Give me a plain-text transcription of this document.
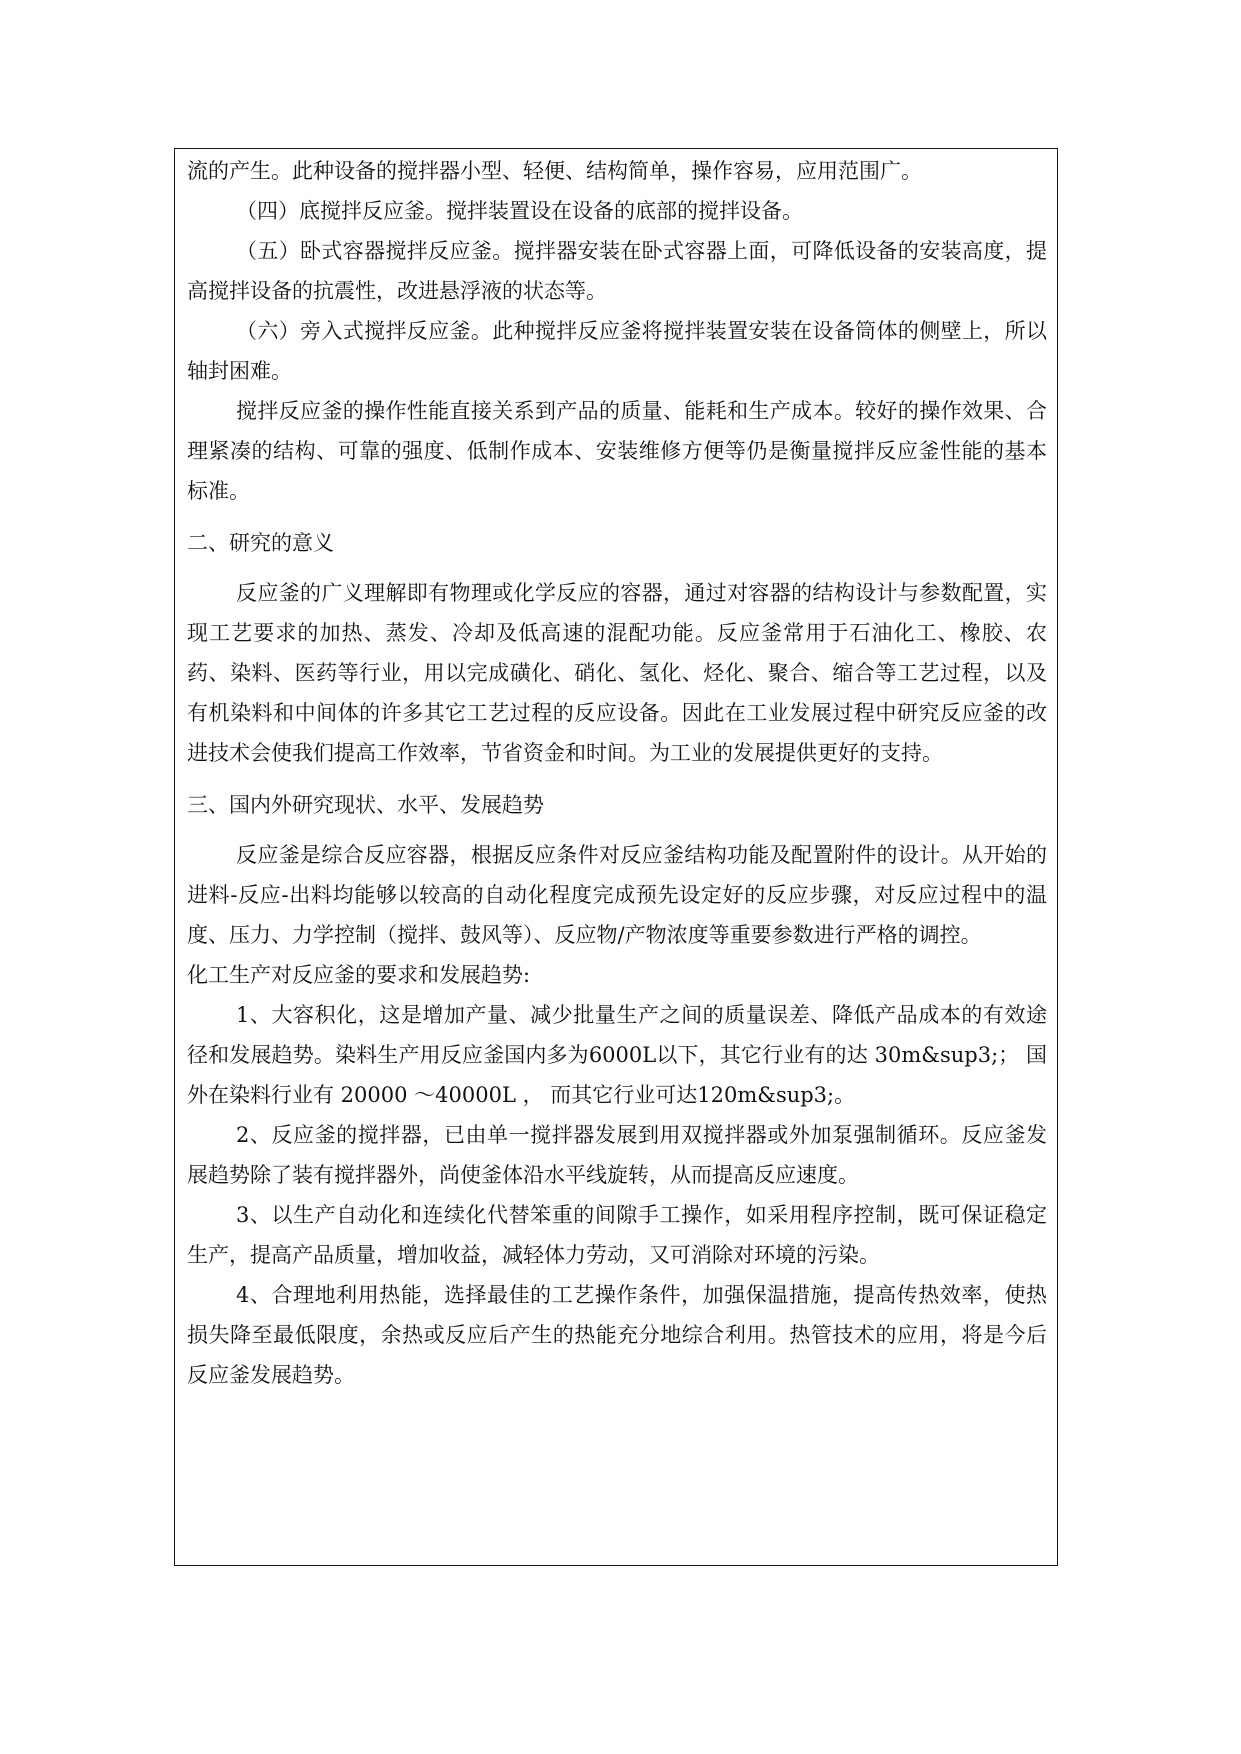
流的产生。此种设备的搅拌器小型、轻便、结构简单，操作容易，应用范围广。

（四）底搅拌反应釜。搅拌装置设在设备的底部的搅拌设备。

（五）卧式容器搅拌反应釜。搅拌器安装在卧式容器上面，可降低设备的安装高度，提高搅拌设备的抗震性，改进悬浮液的状态等。

（六）旁入式搅拌反应釜。此种搅拌反应釜将搅拌装置安装在设备筒体的侧壁上，所以轴封困难。

搅拌反应釜的操作性能直接关系到产品的质量、能耗和生产成本。较好的操作效果、合理紧凑的结构、可靠的强度、低制作成本、安装维修方便等仍是衡量搅拌反应釜性能的基本标准。

二、研究的意义

反应釜的广义理解即有物理或化学反应的容器，通过对容器的结构设计与参数配置，实现工艺要求的加热、蒸发、冷却及低高速的混配功能。反应釜常用于石油化工、橡胶、农药、染料、医药等行业，用以完成磺化、硝化、氢化、烃化、聚合、缩合等工艺过程，以及有机染料和中间体的许多其它工艺过程的反应设备。因此在工业发展过程中研究反应釜的改进技术会使我们提高工作效率，节省资金和时间。为工业的发展提供更好的支持。

三、国内外研究现状、水平、发展趋势

反应釜是综合反应容器，根据反应条件对反应釜结构功能及配置附件的设计。从开始的进料-反应-出料均能够以较高的自动化程度完成预先设定好的反应步骤，对反应过程中的温度、压力、力学控制（搅拌、鼓风等）、反应物/产物浓度等重要参数进行严格的调控。

化工生产对反应釜的要求和发展趋势:

1、大容积化，这是增加产量、减少批量生产之间的质量误差、降低产品成本的有效途径和发展趋势。染料生产用反应釜国内多为6000L以下，其它行业有的达 30m&sup3;； 国外在染料行业有 20000 ～40000L ， 而其它行业可达120m&sup3;。

2、反应釜的搅拌器，已由单一搅拌器发展到用双搅拌器或外加泵强制循环。反应釜发展趋势除了装有搅拌器外，尚使釜体沿水平线旋转，从而提高反应速度。

3、以生产自动化和连续化代替笨重的间隙手工操作，如采用程序控制，既可保证稳定生产，提高产品质量，增加收益，减轻体力劳动，又可消除对环境的污染。

4、合理地利用热能，选择最佳的工艺操作条件，加强保温措施，提高传热效率，使热损失降至最低限度，余热或反应后产生的热能充分地综合利用。热管技术的应用，将是今后反应釜发展趋势。
